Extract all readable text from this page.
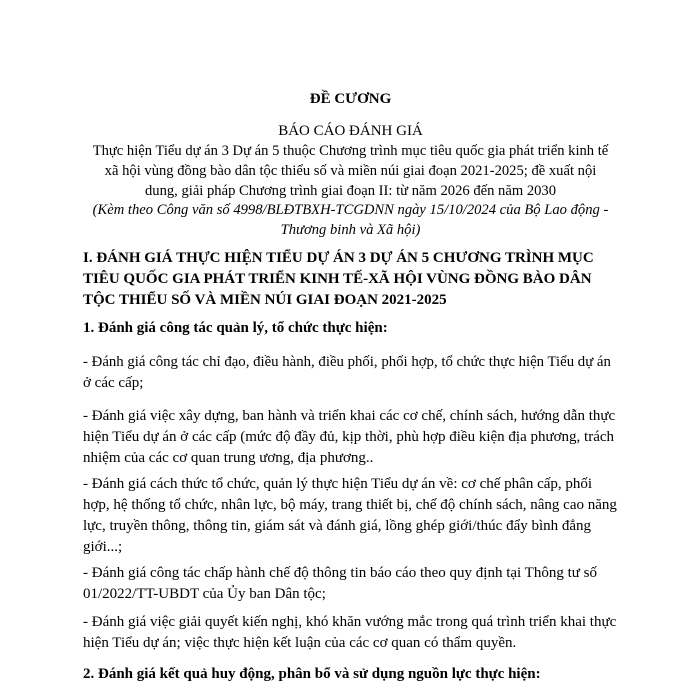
ĐỀ CƯƠNG
BÁO CÁO ĐÁNH GIÁ
Thực hiện Tiểu dự án 3 Dự án 5 thuộc Chương trình mục tiêu quốc gia phát triển kinh tế
xã hội vùng đồng bào dân tộc thiểu số và miền núi giai đoạn 2021-2025; đề xuất nội
dung, giải pháp Chương trình giai đoạn II: từ năm 2026 đến năm 2030
(Kèm theo Công văn số 4998/BLĐTBXH-TCGDNN ngày 15/10/2024 của Bộ Lao động -
Thương binh và Xã hội)
I. ĐÁNH GIÁ THỰC HIỆN TIỂU DỰ ÁN 3 DỰ ÁN 5 CHƯƠNG TRÌNH MỤC
TIÊU QUỐC GIA PHÁT TRIỂN KINH TẾ-XÃ HỘI VÙNG ĐỒNG BÀO DÂN
TỘC THIỂU SỐ VÀ MIỀN NÚI GIAI ĐOẠN 2021-2025
1. Đánh giá công tác quản lý, tổ chức thực hiện:
- Đánh giá công tác chỉ đạo, điều hành, điều phối, phối hợp, tổ chức thực hiện Tiểu dự án
ở các cấp;
- Đánh giá việc xây dựng, ban hành và triển khai các cơ chế, chính sách, hướng dẫn thực
hiện Tiểu dự án ở các cấp (mức độ đầy đủ, kịp thời, phù hợp điều kiện địa phương, trách
nhiệm của các cơ quan trung ương, địa phương..
- Đánh giá cách thức tổ chức, quản lý thực hiện Tiểu dự án về: cơ chế phân cấp, phối
hợp, hệ thống tổ chức, nhân lực, bộ máy, trang thiết bị, chế độ chính sách, nâng cao năng
lực, truyền thông, thông tin, giám sát và đánh giá, lồng ghép giới/thúc đẩy bình đẳng
giới...;
- Đánh giá công tác chấp hành chế độ thông tin báo cáo theo quy định tại Thông tư số
01/2022/TT-UBDT của Ủy ban Dân tộc;
- Đánh giá việc giải quyết kiến nghị, khó khăn vướng mắc trong quá trình triển khai thực
hiện Tiểu dự án; việc thực hiện kết luận của các cơ quan có thẩm quyền.
2. Đánh giá kết quả huy động, phân bổ và sử dụng nguồn lực thực hiện:
